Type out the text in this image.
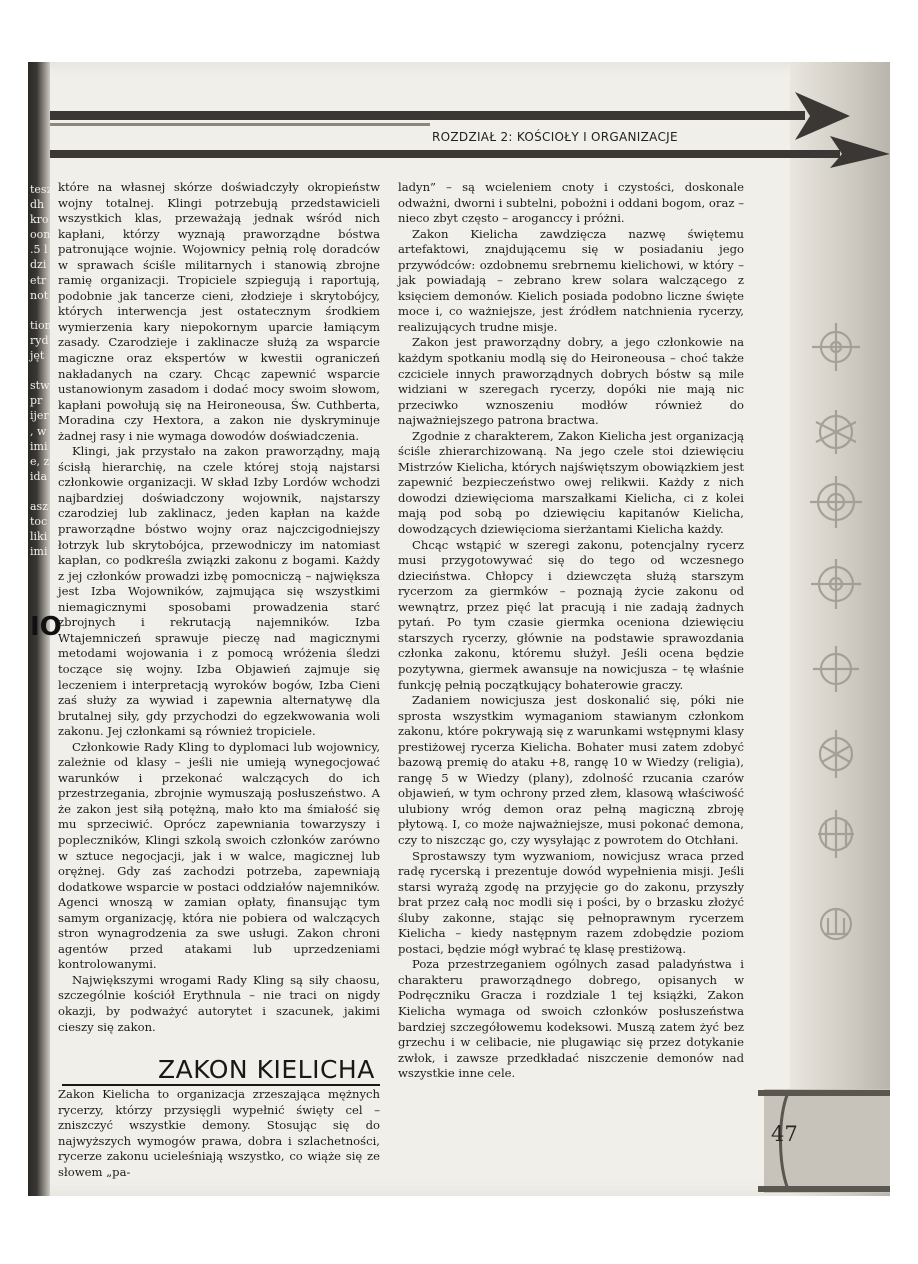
tesz
dh
kro
oon
.5 l
dzi
etr
not
tion
ryd
jęt
stw
pr
ijer
, w
imi
e, z
ida
asz
toc
liki
imi
IO
ROZDZIAŁ 2: KOŚCIOŁY I ORGANIZACJE

które na własnej skórze doświadczyły okropieństw wojny totalnej. Klingi potrzebują przedstawicieli wszystkich klas, przeważają jednak wśród nich kapłani, którzy wyznają praworządne bóstwa patronujące wojnie. Wojownicy pełnią rolę doradców w sprawach ściśle militarnych i stanowią zbrojne ramię organizacji. Tropiciele szpiegują i raportują, podobnie jak tancerze cieni, złodzieje i skrytobójcy, których interwencja jest ostatecznym środkiem wymierzenia kary niepokornym uparcie łamiącym zasady. Czarodzieje i zaklinacze służą za wsparcie magiczne oraz ekspertów w kwestii ograniczeń nakładanych na czary. Chcąc zapewnić wsparcie ustanowionym zasadom i dodać mocy swoim słowom, kapłani powołują się na Heironeousa, Św. Cuthberta, Moradina czy Hextora, a zakon nie dyskryminuje żadnej rasy i nie wymaga dowodów doświadczenia.

Klingi, jak przystało na zakon praworządny, mają ścisłą hierarchię, na czele której stoją najstarsi członkowie organizacji. W skład Izby Lordów wchodzi najbardziej doświadczony wojownik, najstarszy czarodziej lub zaklinacz, jeden kapłan na każde praworządne bóstwo wojny oraz najczcigodniejszy łotrzyk lub skrytobójca, przewodniczy im natomiast kapłan, co podkreśla związki zakonu z bogami. Każdy z jej członków prowadzi izbę pomocniczą – największa jest Izba Wojowników, zajmująca się wszystkimi niemagicznymi sposobami prowadzenia starć zbrojnych i rekrutacją najemników. Izba Wtajemniczeń sprawuje pieczę nad magicznymi metodami wojowania i z pomocą wróżenia śledzi toczące się wojny. Izba Objawień zajmuje się leczeniem i interpretacją wyroków bogów, Izba Cieni zaś służy za wywiad i zapewnia alternatywę dla brutalnej siły, gdy przychodzi do egzekwowania woli zakonu. Jej członkami są również tropiciele.

Członkowie Rady Kling to dyplomaci lub wojownicy, zależnie od klasy – jeśli nie umieją wynegocjować warunków i przekonać walczących do ich przestrzegania, zbrojnie wymuszają posłuszeństwo. A że zakon jest siłą potężną, mało kto ma śmiałość się mu sprzeciwić. Oprócz zapewniania towarzyszy i popleczników, Klingi szkolą swoich członków zarówno w sztuce negocjacji, jak i w walce, magicznej lub orężnej. Gdy zaś zachodzi potrzeba, zapewniają dodatkowe wsparcie w postaci oddziałów najemników. Agenci wnoszą w zamian opłaty, finansując tym samym organizację, która nie pobiera od walczących stron wynagrodzenia za swe usługi. Zakon chroni agentów przed atakami lub uprzedzeniami kontrolowanymi.

Największymi wrogami Rady Kling są siły chaosu, szczególnie kościół Erythnula – nie traci on nigdy okazji, by podważyć autorytet i szacunek, jakimi cieszy się zakon.

ZAKON KIELICHA

Zakon Kielicha to organizacja zrzeszająca mężnych rycerzy, którzy przysięgli wypełnić święty cel – zniszczyć wszystkie demony. Stosując się do najwyższych wymogów prawa, dobra i szlachetności, rycerze zakonu ucieleśniają wszystko, co wiąże się ze słowem „pa-

ladyn” – są wcieleniem cnoty i czystości, doskonale odważni, dworni i subtelni, pobożni i oddani bogom, oraz – nieco zbyt często – aroganccy i próżni.

Zakon Kielicha zawdzięcza nazwę świętemu artefaktowi, znajdującemu się w posiadaniu jego przywódców: ozdobnemu srebrnemu kielichowi, w który – jak powiadają – zebrano krew solara walczącego z księciem demonów. Kielich posiada podobno liczne święte moce i, co ważniejsze, jest źródłem natchnienia rycerzy, realizujących trudne misje.

Zakon jest praworządny dobry, a jego członkowie na każdym spotkaniu modlą się do Heironeousa – choć także czciciele innych praworządnych dobrych bóstw są mile widziani w szeregach rycerzy, dopóki nie mają nic przeciwko wznoszeniu modłów również do najważniejszego patrona bractwa.

Zgodnie z charakterem, Zakon Kielicha jest organizacją ściśle zhierarchizowaną. Na jego czele stoi dziewięciu Mistrzów Kielicha, których najświętszym obowiązkiem jest zapewnić bezpieczeństwo owej relikwii. Każdy z nich dowodzi dziewięcioma marszałkami Kielicha, ci z kolei mają pod sobą po dziewięciu kapitanów Kielicha, dowodzących dziewięcioma sierżantami Kielicha każdy.

Chcąc wstąpić w szeregi zakonu, potencjalny rycerz musi przygotowywać się do tego od wczesnego dzieciństwa. Chłopcy i dziewczęta służą starszym rycerzom za giermków – poznają życie zakonu od wewnątrz, przez pięć lat pracują i nie zadają żadnych pytań. Po tym czasie giermka oceniona dziewięciu starszych rycerzy, głównie na podstawie sprawozdania członka zakonu, któremu służył. Jeśli ocena będzie pozytywna, giermek awansuje na nowicjusza – tę właśnie funkcję pełnią początkujący bohaterowie graczy.

Zadaniem nowicjusza jest doskonalić się, póki nie sprosta wszystkim wymaganiom stawianym członkom zakonu, które pokrywają się z warunkami wstępnymi klasy prestiżowej rycerza Kielicha. Bohater musi zatem zdobyć bazową premię do ataku +8, rangę 10 w Wiedzy (religia), rangę 5 w Wiedzy (plany), zdolność rzucania czarów objawień, w tym ochrony przed złem, klasową właściwość ulubiony wróg demon oraz pełną magiczną zbroję płytową. I, co może najważniejsze, musi pokonać demona, czy to niszcząc go, czy wysyłając z powrotem do Otchłani.

Sprostawszy tym wyzwaniom, nowicjusz wraca przed radę rycerską i prezentuje dowód wypełnienia misji. Jeśli starsi wyrażą zgodę na przyjęcie go do zakonu, przyszły brat przez całą noc modli się i pości, by o brzasku złożyć śluby zakonne, stając się pełnoprawnym rycerzem Kielicha – kiedy następnym razem zdobędzie poziom postaci, będzie mógł wybrać tę klasę prestiżową.

Poza przestrzeganiem ogólnych zasad paladyństwa i charakteru praworządnego dobrego, opisanych w Podręczniku Gracza i rozdziale 1 tej książki, Zakon Kielicha wymaga od swoich członków posłuszeństwa bardziej szczegółowemu kodeksowi. Muszą zatem żyć bez grzechu i w celibacie, nie plugawiąc się przez dotykanie zwłok, i zawsze przedkładać niszczenie demonów nad wszystkie inne cele.

47
